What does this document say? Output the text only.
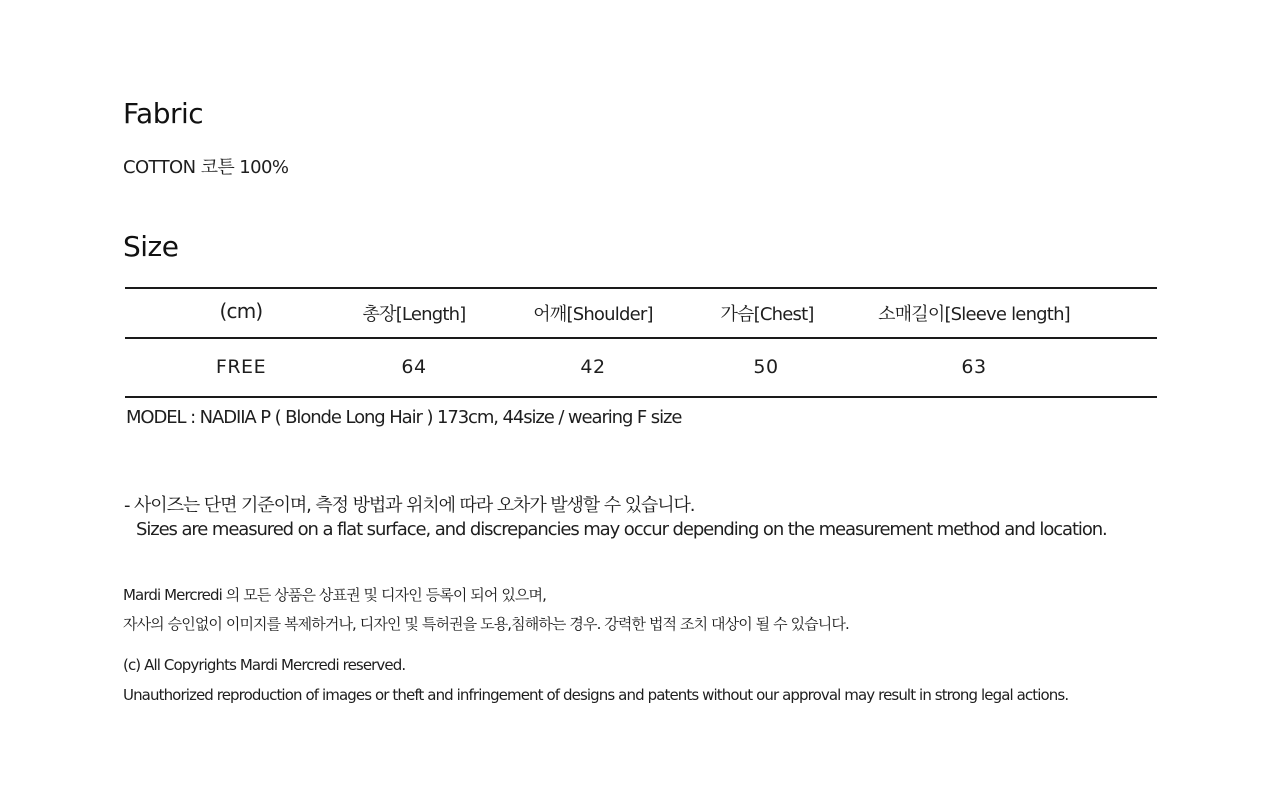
Fabric
COTTON 코튼 100%
Size
(cm)	총장[Length]	어깨[Shoulder]	가슴[Chest]	소매길이[Sleeve length]
FREE	64	42	50	63
MODEL : NADIIA P ( Blonde Long Hair ) 173cm, 44size / wearing F size
- 사이즈는 단면 기준이며, 측정 방법과 위치에 따라 오차가 발생할 수 있습니다.
Sizes are measured on a flat surface, and discrepancies may occur depending on the measurement method and location.
Mardi Mercredi 의 모든 상품은 상표권 및 디자인 등록이 되어 있으며,
자사의 승인없이 이미지를 복제하거나, 디자인 및 특허권을 도용,침해하는 경우. 강력한 법적 조치 대상이 될 수 있습니다.
(c) All Copyrights Mardi Mercredi reserved.
Unauthorized reproduction of images or theft and infringement of designs and patents without our approval may result in strong legal actions.
